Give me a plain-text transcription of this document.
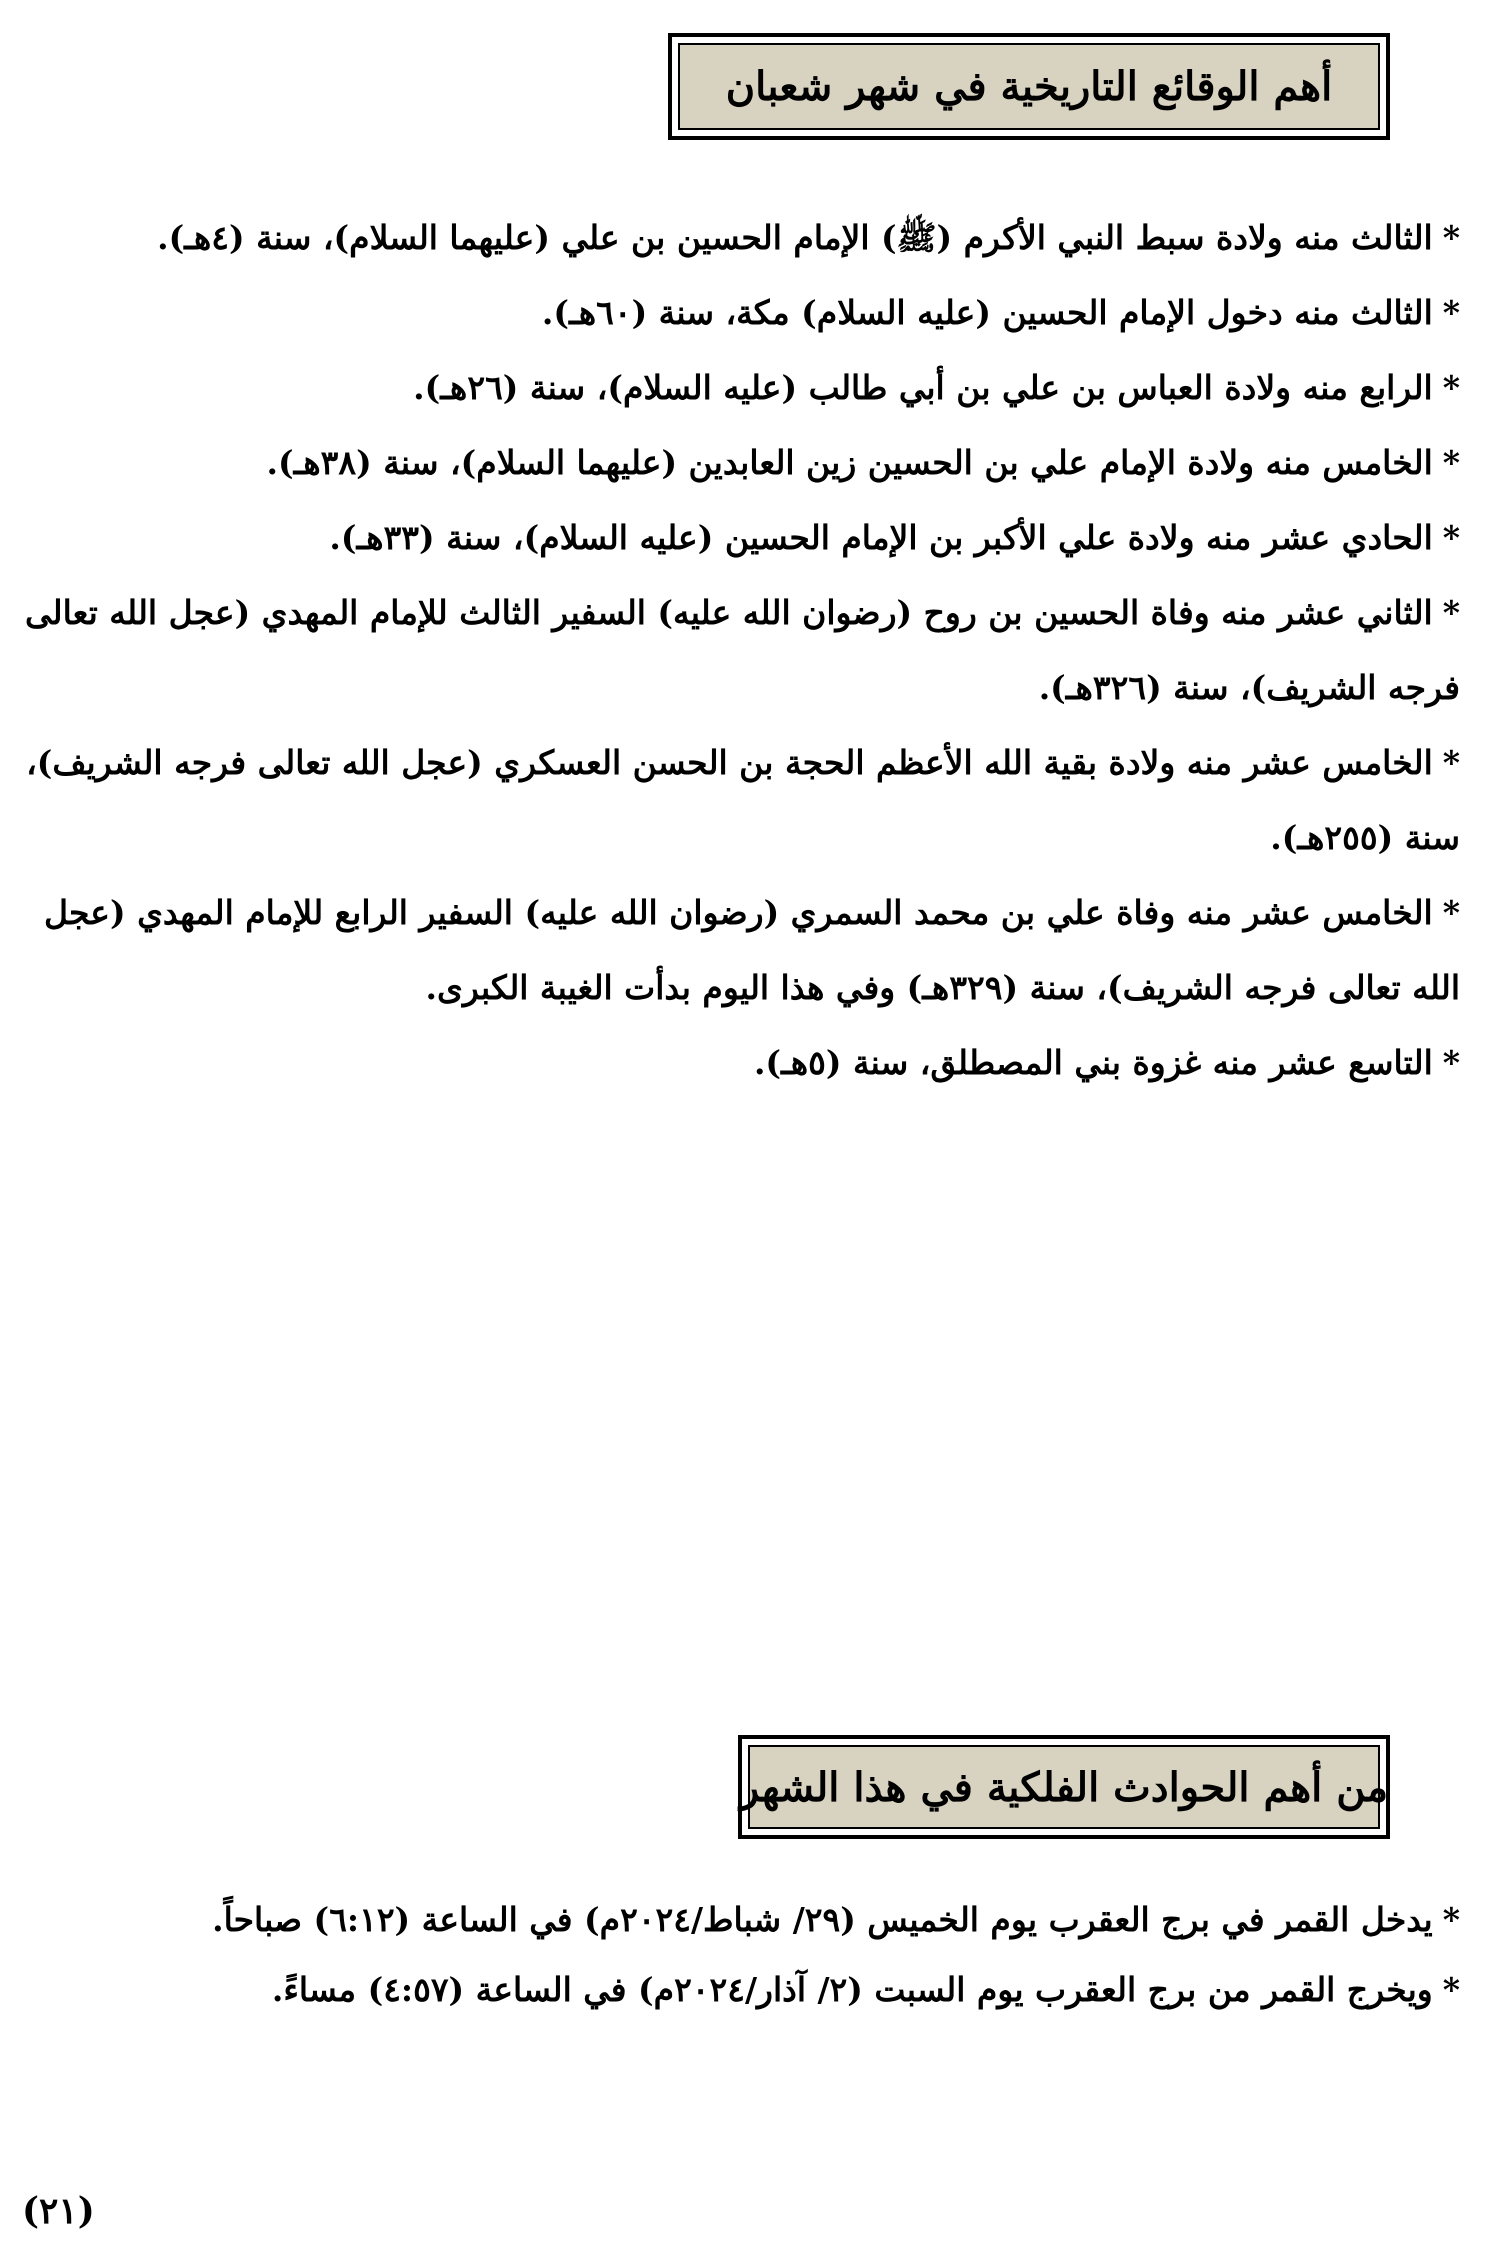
أهم الوقائع التاريخية في شهر شعبان
*الثالث منه ولادة سبط النبي الأكرم (ﷺ) الإمام الحسين بن علي (عليهما السلام)، سنة (٤هـ).
*الثالث منه دخول الإمام الحسين (عليه السلام) مكة، سنة (٦٠هـ).
*الرابع منه ولادة العباس بن علي بن أبي طالب (عليه السلام)، سنة (٢٦هـ).
*الخامس منه ولادة الإمام علي بن الحسين زين العابدين (عليهما السلام)، سنة (٣٨هـ).
*الحادي عشر منه ولادة علي الأكبر بن الإمام الحسين (عليه السلام)، سنة (٣٣هـ).
*الثاني عشر منه وفاة الحسين بن روح (رضوان الله عليه) السفير الثالث للإمام المهدي (عجل الله تعالى فرجه الشريف)، سنة (٣٢٦هـ).
*الخامس عشر منه ولادة بقية الله الأعظم الحجة بن الحسن العسكري (عجل الله تعالى فرجه الشريف)، سنة (٢٥٥هـ).
*الخامس عشر منه وفاة علي بن محمد السمري (رضوان الله عليه) السفير الرابع للإمام المهدي (عجل الله تعالى فرجه الشريف)، سنة (٣٢٩هـ) وفي هذا اليوم بدأت الغيبة الكبرى.
*التاسع عشر منه غزوة بني المصطلق، سنة (٥هـ).
من أهم الحوادث الفلكية في هذا الشهر
*يدخل القمر في برج العقرب يوم الخميس (٢٩/ شباط/٢٠٢٤م) في الساعة (٦:١٢) صباحاً.
*ويخرج القمر من برج العقرب يوم السبت (٢/ آذار/٢٠٢٤م) في الساعة (٤:٥٧) مساءً.
(٢١)
